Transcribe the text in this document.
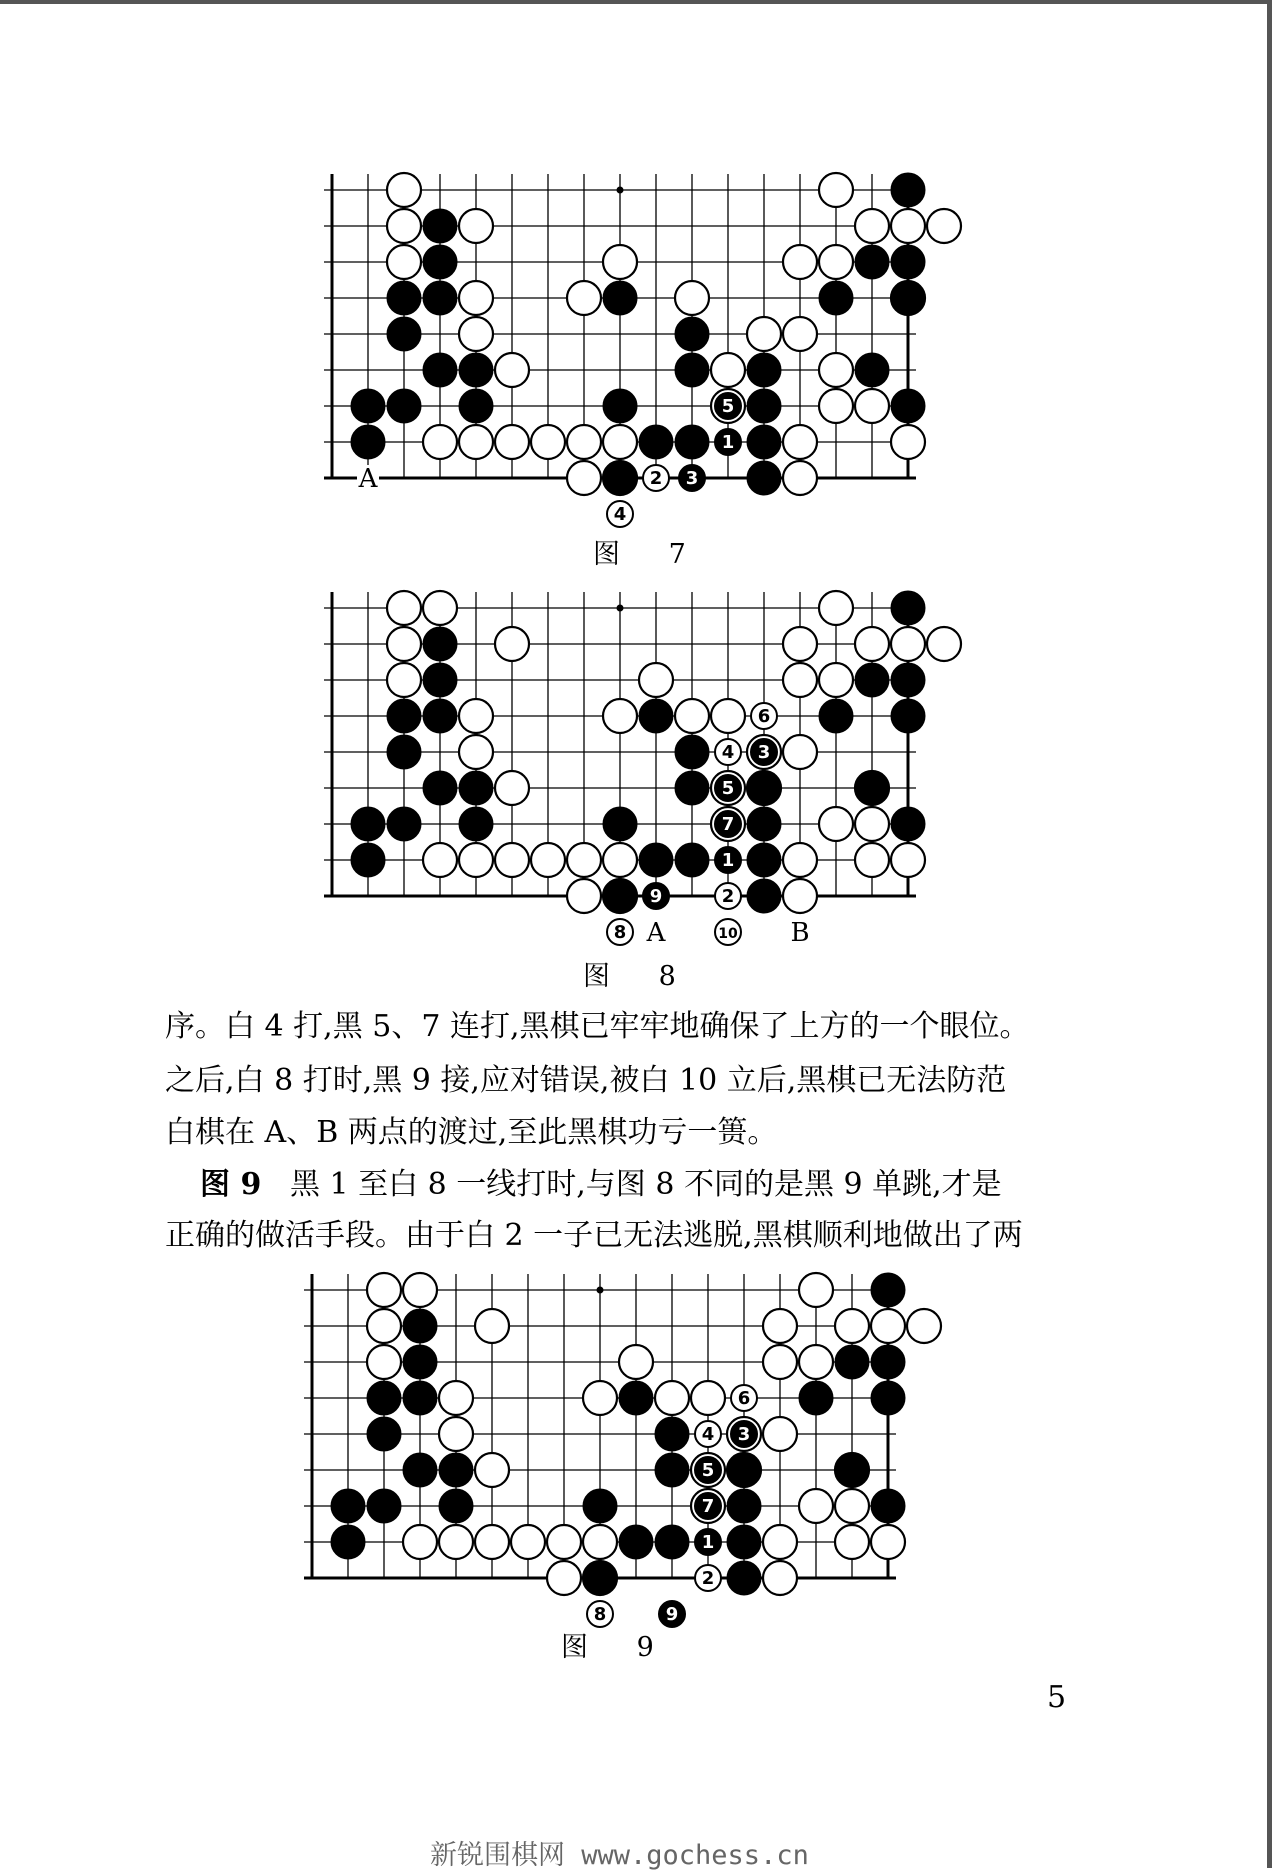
1
2 3
4
5
A
图 7
1
2
3
4
5
6
7
8
9
10
A	B
图 8
序。白 4 打,黑 5、7 连打,黑棋已牢牢地确保了上方的一个眼位。
之后,白 8 打时,黑 9 接,应对错误,被白 10 立后,黑棋已无法防范
白棋在 A、B 两点的渡过,至此黑棋功亏一篑。
图 9 黑 1 至白 8 一线打时,与图 8 不同的是黑 9 单跳,才是
正确的做活手段。由于白 2 一子已无法逃脱,黑棋顺利地做出了两
1
2
3
4
5
6
7
8	9
图 9
5
新锐围棋网 www.gochess.cn
